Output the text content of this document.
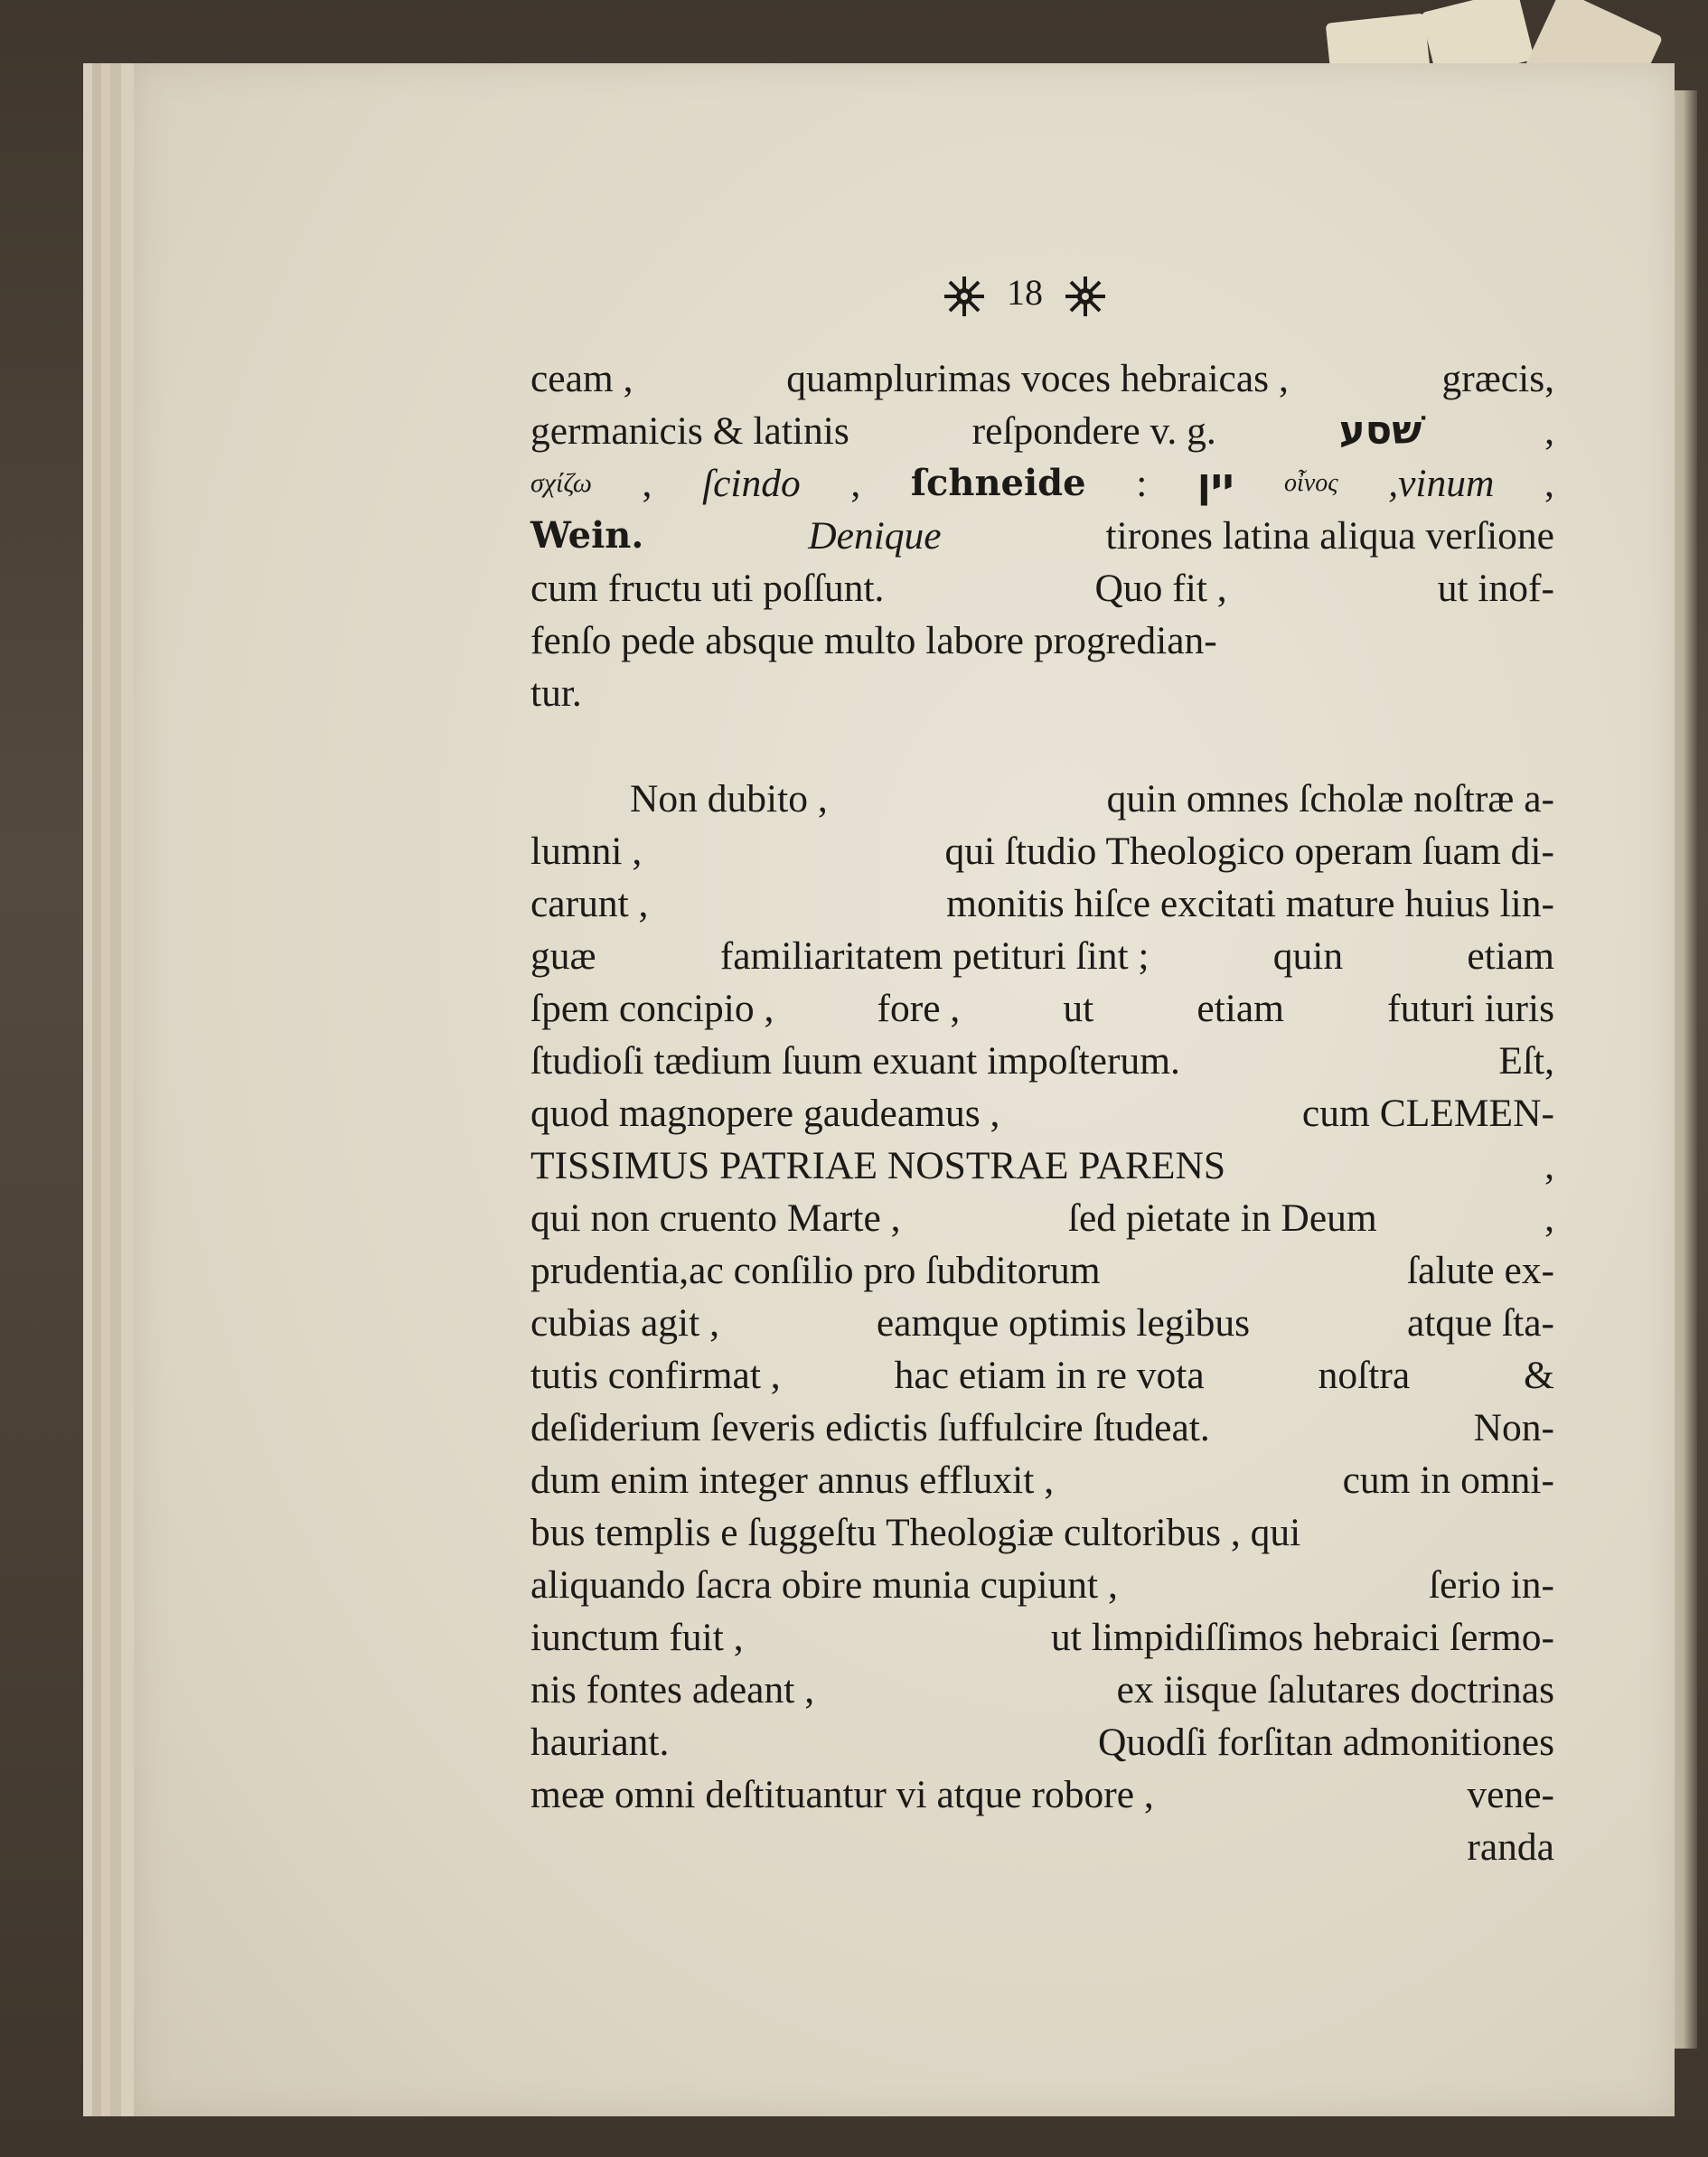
18
ceam ,	quamplurimas voces hebraicas ,	græcis,
germanicis & latinis	reſpondere v. g.	שׁסע	,
σχίζω , ſcindo , ſchneide : יין οἶνος ,vinum ,
Wein.	Denique	tirones latina aliqua verſione
cum fructu uti poſſunt.	Quo fit ,	ut inof-
fenſo pede absque multo labore progredian-
tur.
Non dubito ,	quin omnes ſcholæ noſtræ a-
lumni ,	qui ſtudio Theologico operam ſuam di-
carunt ,	monitis hiſce excitati mature huius lin-
guæ	familiaritatem petituri ſint ;	quin	etiam
ſpem concipio ,	fore ,	ut	etiam	futuri iuris
ſtudioſi tædium ſuum exuant impoſterum.	Eſt,
quod magnopere gaudeamus ,	cum CLEMEN-
TISSIMUS PATRIAE NOSTRAE PARENS	,
qui non cruento Marte ,	ſed pietate in Deum	,
prudentia,ac conſilio pro ſubditorum	ſalute ex-
cubias agit ,	eamque optimis legibus	atque ſta-
tutis confirmat ,	hac etiam in re vota	noſtra	&
deſiderium ſeveris edictis ſuffulcire ſtudeat.	Non-
dum enim integer annus effluxit ,	cum in omni-
bus templis e ſuggeſtu Theologiæ cultoribus , qui
aliquando ſacra obire munia cupiunt ,	ſerio in-
iunctum fuit ,	ut limpidiſſimos hebraici ſermo-
nis fontes adeant ,	ex iisque ſalutares doctrinas
hauriant.	Quodſi forſitan admonitiones
meæ omni deſtituantur vi atque robore ,	vene-
randa
